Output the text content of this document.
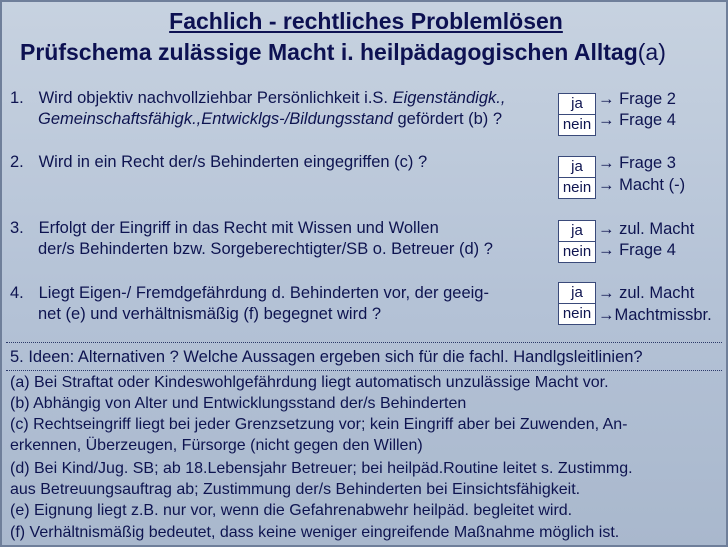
Fachlich - rechtliches Problemlösen
Prüfschema zulässige Macht i. heilpädagogischen Alltag(a)
1. Wird objektiv nachvollziehbar Persönlichkeit i.S. Eigenständigk.,
Gemeinschaftsfähigk.,Entwicklgs-/Bildungsstand gefördert (b) ?
ja
nein
→ Frage 2
→ Frage 4
2. Wird in ein Recht der/s Behinderten eingegriffen (c) ?	ja
nein
→ Frage 3
→ Macht (-)
3. Erfolgt der Eingriff in das Recht mit Wissen und Wollen
der/s Behinderten bzw. Sorgeberechtigter/SB o. Betreuer (d) ?
ja
nein
→ zul. Macht
→ Frage 4
4. Liegt Eigen-/ Fremdgefährdung d. Behinderten vor, der geeig-
net (e) und verhältnismäßig (f) begegnet wird ?
ja
nein
→ zul. Macht
→Machtmissbr.
5. Ideen: Alternativen ? Welche Aussagen ergeben sich für die fachl. Handlgsleitlinien?
(a) Bei Straftat oder Kindeswohlgefährdung liegt automatisch unzulässige Macht vor.
(b) Abhängig von Alter und Entwicklungsstand der/s Behinderten
(c) Rechtseingriff liegt bei jeder Grenzsetzung vor; kein Eingriff aber bei Zuwenden, An-
erkennen, Überzeugen, Fürsorge (nicht gegen den Willen)
(d) Bei Kind/Jug. SB; ab 18.Lebensjahr Betreuer; bei heilpäd.Routine leitet s. Zustimmg.
aus Betreuungsauftrag ab; Zustimmung der/s Behinderten bei Einsichtsfähigkeit.
(e) Eignung liegt z.B. nur vor, wenn die Gefahrenabwehr heilpäd. begleitet wird.
(f) Verhältnismäßig bedeutet, dass keine weniger eingreifende Maßnahme möglich ist.
